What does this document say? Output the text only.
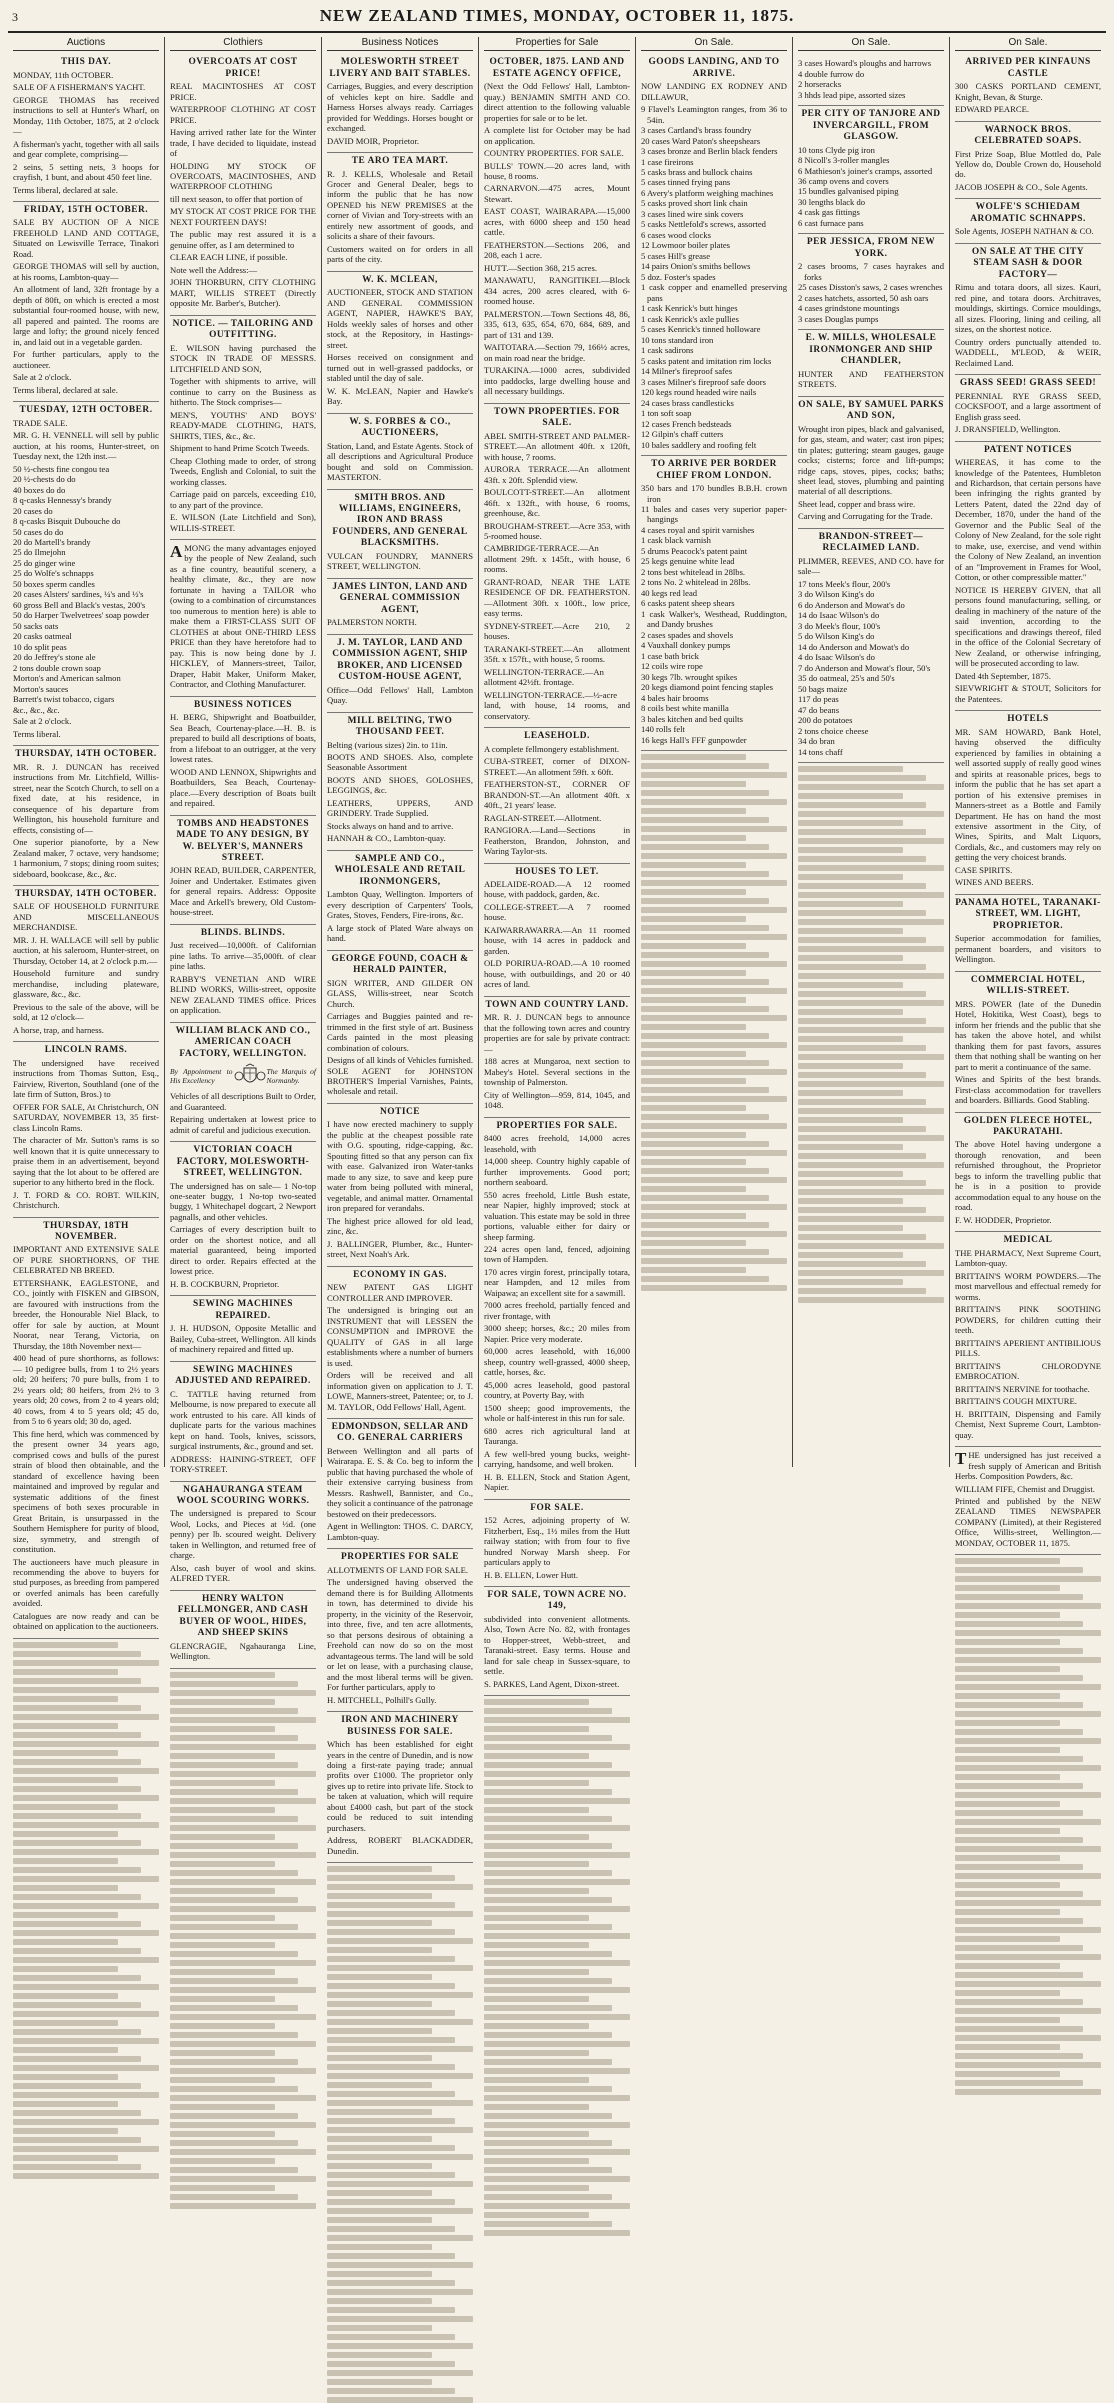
3	NEW ZEALAND TIMES, MONDAY, OCTOBER 11, 1875.
Auctions
THIS DAY.

MONDAY, 11th OCTOBER.

SALE OF A FISHERMAN'S YACHT.

GEORGE THOMAS has received instructions to sell at Hunter's Wharf, on Monday, 11th October, 1875, at 2 o'clock—

A fisherman's yacht, together with all sails and gear complete, comprising—

2 seins, 5 setting nets, 3 hoops for crayfish, 1 bunt, and about 450 feet line.

Terms liberal, declared at sale.

FRIDAY, 15TH OCTOBER.

SALE BY AUCTION OF A NICE FREEHOLD LAND AND COTTAGE, Situated on Lewisville Terrace, Tinakori Road.

GEORGE THOMAS will sell by auction, at his rooms, Lambton-quay—

An allotment of land, 32ft frontage by a depth of 80ft, on which is erected a most substantial four-roomed house, with new, all papered and painted. The rooms are large and lofty; the ground nicely fenced in, and laid out in a vegetable garden.

For further particulars, apply to the auctioneer.

Sale at 2 o'clock.

Terms liberal, declared at sale.

TUESDAY, 12TH OCTOBER.

TRADE SALE.

MR. G. H. VENNELL will sell by public auction, at his rooms, Hunter-street, on Tuesday next, the 12th inst.—

50 ½-chests fine congou tea
20 ½-chests do do
40 boxes do do
8 q-casks Hennessy's brandy
20 cases do
8 q-casks Bisquit Dubouche do
50 cases do do
20 do Martell's brandy
25 do Ilmejohn
25 do ginger wine
25 do Wolfe's schnapps
50 boxes sperm candles
20 cases Alsters' sardines, ¼'s and ½'s
60 gross Bell and Black's vestas, 200's
50 do Harper Twelvetrees' soap powder
50 sacks oats
20 casks oatmeal
10 do split peas
20 do Jeffrey's stone ale
2 tons double crown soap
Morton's and American salmon
Morton's sauces
Barrett's twist tobacco, cigars
&c., &c., &c.

Sale at 2 o'clock.

Terms liberal.

THURSDAY, 14TH OCTOBER.

MR. R. J. DUNCAN has received instructions from Mr. Litchfield, Willis-street, near the Scotch Church, to sell on a fixed date, at his residence, in consequence of his departure from Wellington, his household furniture and effects, consisting of—

One superior pianoforte, by a New Zealand maker, 7 octave, very handsome; 1 harmonium, 7 stops; dining room suites; sideboard, bookcase, &c., &c.

THURSDAY, 14TH OCTOBER.

SALE OF HOUSEHOLD FURNITURE AND MISCELLANEOUS MERCHANDISE.

MR. J. H. WALLACE will sell by public auction, at his saleroom, Hunter-street, on Thursday, October 14, at 2 o'clock p.m.—

Household furniture and sundry merchandise, including plateware, glassware, &c., &c.

Previous to the sale of the above, will be sold, at 12 o'clock—

A horse, trap, and harness.

LINCOLN RAMS.

The undersigned have received instructions from Thomas Sutton, Esq., Fairview, Riverton, Southland (one of the late firm of Sutton, Bros.) to

OFFER FOR SALE, At Christchurch, ON SATURDAY, NOVEMBER 13, 35 first-class Lincoln Rams.

The character of Mr. Sutton's rams is so well known that it is quite unnecessary to praise them in an advertisement, beyond saying that the lot about to be offered are superior to any hitherto bred in the flock.

J. T. FORD & CO. ROBT. WILKIN, Christchurch.

THURSDAY, 18TH NOVEMBER.

IMPORTANT AND EXTENSIVE SALE OF PURE SHORTHORNS, OF THE CELEBRATED NB BREED.

ETTERSHANK, EAGLESTONE, and CO., jointly with FISKEN and GIBSON, are favoured with instructions from the breeder, the Honourable Niel Black, to offer for sale by auction, at Mount Noorat, near Terang, Victoria, on Thursday, the 18th November next—

400 head of pure shorthorns, as follows:— 10 pedigree bulls, from 1 to 2½ years old; 20 heifers; 70 pure bulls, from 1 to 2½ years old; 80 heifers, from 2½ to 3 years old; 20 cows, from 2 to 4 years old; 40 cows, from 4 to 5 years old; 45 do, from 5 to 6 years old; 30 do, aged.

This fine herd, which was commenced by the present owner 34 years ago, comprised cows and bulls of the purest strain of blood then obtainable, and the standard of excellence having been maintained and improved by regular and systematic additions of the finest specimens of both sexes procurable in Great Britain, is unsurpassed in the Southern Hemisphere for purity of blood, size, symmetry, and strength of constitution.

The auctioneers have much pleasure in recommending the above to buyers for stud purposes, as breeding from pampered or overfed animals has been carefully avoided.

Catalogues are now ready and can be obtained on application to the auctioneers.

Clothiers
OVERCOATS AT COST PRICE!

REAL MACINTOSHES AT COST PRICE.

WATERPROOF CLOTHING AT COST PRICE.

Having arrived rather late for the Winter trade, I have decided to liquidate, instead of

HOLDING MY STOCK OF OVERCOATS, MACINTOSHES, AND WATERPROOF CLOTHING

till next season, to offer that portion of

MY STOCK AT COST PRICE FOR THE NEXT FOURTEEN DAYS!

The public may rest assured it is a genuine offer, as I am determined to

CLEAR EACH LINE, if possible.

Note well the Address:—

JOHN THORBURN, CITY CLOTHING MART, WILLIS STREET (Directly opposite Mr. Barber's, Butcher).

NOTICE. — TAILORING AND OUTFITTING.

E. WILSON having purchased the STOCK IN TRADE OF MESSRS. LITCHFIELD AND SON,

Together with shipments to arrive, will continue to carry on the Business as hitherto. The Stock comprises—

MEN'S, YOUTHS' AND BOYS' READY-MADE CLOTHING, HATS, SHIRTS, TIES, &c., &c.

Shipment to hand Prime Scotch Tweeds.

Cheap Clothing made to order, of strong Tweeds, English and Colonial, to suit the working classes.

Carriage paid on parcels, exceeding £10, to any part of the province.

E. WILSON (Late Litchfield and Son), WILLIS-STREET.

AMONG the many advantages enjoyed by the people of New Zealand, such as a fine country, beautiful scenery, a healthy climate, &c., they are now fortunate in having a TAILOR who (owing to a combination of circumstances too numerous to mention here) is able to make them a FIRST-CLASS SUIT OF CLOTHES at about ONE-THIRD LESS PRICE than they have heretofore had to pay. This is now being done by J. HICKLEY, of Manners-street, Tailor, Draper, Habit Maker, Uniform Maker, Contractor, and Clothing Manufacturer.

BUSINESS NOTICES

H. BERG, Shipwright and Boatbuilder, Sea Beach, Courtenay-place.—H. B. is prepared to build all descriptions of boats, from a lifeboat to an outrigger, at the very lowest rates.

WOOD AND LENNOX, Shipwrights and Boatbuilders, Sea Beach, Courtenay-place.—Every description of Boats built and repaired.

TOMBS AND HEADSTONES MADE TO ANY DESIGN, BY W. BELYER'S, MANNERS STREET.

JOHN READ, BUILDER, CARPENTER, Joiner and Undertaker. Estimates given for general repairs. Address: Opposite Mace and Arkell's brewery, Old Custom-house-street.

BLINDS. BLINDS.

Just received—10,000ft. of Californian pine laths. To arrive—35,000ft. of clear pine laths.

RABBY'S VENETIAN AND WIRE BLIND WORKS, Willis-street, opposite NEW ZEALAND TIMES office. Prices on application.

WILLIAM BLACK AND CO., AMERICAN COACH FACTORY, WELLINGTON.
By Appointment to His Excellency
The Marquis of Normanby.

Vehicles of all descriptions Built to Order, and Guaranteed.

Repairing undertaken at lowest price to admit of careful and judicious execution.

VICTORIAN COACH FACTORY, MOLESWORTH-STREET, WELLINGTON.

The undersigned has on sale— 1 No-top one-seater buggy, 1 No-top two-seated buggy, 1 Whitechapel dogcart, 2 Newport pagnalls, and other vehicles.

Carriages of every description built to order on the shortest notice, and all material guaranteed, being imported direct to order. Repairs effected at the lowest price.

H. B. COCKBURN, Proprietor.

SEWING MACHINES REPAIRED.

J. H. HUDSON, Opposite Metallic and Bailey, Cuba-street, Wellington. All kinds of machinery repaired and fitted up.

SEWING MACHINES ADJUSTED AND REPAIRED.

C. TATTLE having returned from Melbourne, is now prepared to execute all work entrusted to his care. All kinds of duplicate parts for the various machines kept on hand. Tools, knives, scissors, surgical instruments, &c., ground and set.

ADDRESS: HAINING-STREET, OFF TORY-STREET.

NGAHAURANGA STEAM WOOL SCOURING WORKS.

The undersigned is prepared to Scour Wool, Locks, and Pieces at ½d. (one penny) per lb. scoured weight. Delivery taken in Wellington, and returned free of charge.

Also, cash buyer of wool and skins. ALFRED TYER.

HENRY WALTON FELLMONGER, AND CASH BUYER OF WOOL, HIDES, AND SHEEP SKINS

GLENCRAGIE, Ngahauranga Line, Wellington.

Business Notices
MOLESWORTH STREET LIVERY AND BAIT STABLES.

Carriages, Buggies, and every description of vehicles kept on hire. Saddle and Harness Horses always ready. Carriages provided for Weddings. Horses bought or exchanged.

DAVID MOIR, Proprietor.

TE ARO TEA MART.

R. J. KELLS, Wholesale and Retail Grocer and General Dealer, begs to inform the public that he has now OPENED his NEW PREMISES at the corner of Vivian and Tory-streets with an entirely new assortment of goods, and solicits a share of their favours.

Customers waited on for orders in all parts of the city.

W. K. MCLEAN,

AUCTIONEER, STOCK AND STATION AND GENERAL COMMISSION AGENT, NAPIER, HAWKE'S BAY, Holds weekly sales of horses and other stock, at the Repository, in Hastings-street.

Horses received on consignment and turned out in well-grassed paddocks, or stabled until the day of sale.

W. K. McLEAN, Napier and Hawke's Bay.

W. S. FORBES & CO., AUCTIONEERS,

Station, Land, and Estate Agents. Stock of all descriptions and Agricultural Produce bought and sold on Commission. MASTERTON.

SMITH BROS. AND WILLIAMS, ENGINEERS, IRON AND BRASS FOUNDERS, AND GENERAL BLACKSMITHS.

VULCAN FOUNDRY, MANNERS STREET, WELLINGTON.

JAMES LINTON, LAND AND GENERAL COMMISSION AGENT,

PALMERSTON NORTH.

J. M. TAYLOR, LAND AND COMMISSION AGENT, SHIP BROKER, AND LICENSED CUSTOM-HOUSE AGENT,

Office—Odd Fellows' Hall, Lambton Quay.

MILL BELTING, TWO THOUSAND FEET.

Belting (various sizes) 2in. to 11in.

BOOTS AND SHOES. Also, complete Seasonable Assortment

BOOTS AND SHOES, GOLOSHES, LEGGINGS, &c.

LEATHERS, UPPERS, AND GRINDERY. Trade Supplied.

Stocks always on hand and to arrive.

HANNAH & CO., Lambton-quay.

SAMPLE AND CO., WHOLESALE AND RETAIL IRONMONGERS,

Lambton Quay, Wellington. Importers of every description of Carpenters' Tools, Grates, Stoves, Fenders, Fire-irons, &c.

A large stock of Plated Ware always on hand.

GEORGE FOUND, COACH & HERALD PAINTER,

SIGN WRITER, AND GILDER ON GLASS, Willis-street, near Scotch Church.

Carriages and Buggies painted and re-trimmed in the first style of art. Business Cards painted in the most pleasing combination of colours.

Designs of all kinds of Vehicles furnished. SOLE AGENT for JOHNSTON BROTHER'S Imperial Varnishes, Paints, wholesale and retail.

NOTICE

I have now erected machinery to supply the public at the cheapest possible rate with O.G. spouting, ridge-capping, &c. Spouting fitted so that any person can fix with ease. Galvanized iron Water-tanks made to any size, to save and keep pure water from being polluted with mineral, vegetable, and animal matter. Ornamental iron prepared for verandahs.

The highest price allowed for old lead, zinc, &c.

J. BALLINGER, Plumber, &c., Hunter-street, Next Noah's Ark.

ECONOMY IN GAS.

NEW PATENT GAS LIGHT CONTROLLER AND IMPROVER.

The undersigned is bringing out an INSTRUMENT that will LESSEN the CONSUMPTION and IMPROVE the QUALITY of GAS in all large establishments where a number of burners is used.

Orders will be received and all information given on application to J. T. LOWE, Manners-street, Patentee; or, to J. M. TAYLOR, Odd Fellows' Hall, Agent.

EDMONDSON, SELLAR AND CO. GENERAL CARRIERS

Between Wellington and all parts of Wairarapa. E. S. & Co. beg to inform the public that having purchased the whole of their extensive carrying business from Messrs. Rashwell, Bannister, and Co., they solicit a continuance of the patronage bestowed on their predecessors.

Agent in Wellington: THOS. C. DARCY, Lambton-quay.

PROPERTIES FOR SALE

ALLOTMENTS OF LAND FOR SALE.

The undersigned having observed the demand there is for Building Allotments in town, has determined to divide his property, in the vicinity of the Reservoir, into three, five, and ten acre allotments, so that persons desirous of obtaining a Freehold can now do so on the most advantageous terms. The land will be sold or let on lease, with a purchasing clause, and the most liberal terms will be given. For further particulars, apply to

H. MITCHELL, Polhill's Gully.

IRON AND MACHINERY BUSINESS FOR SALE.

Which has been established for eight years in the centre of Dunedin, and is now doing a first-rate paying trade; annual profits over £1000. The proprietor only gives up to retire into private life. Stock to be taken at valuation, which will require about £4000 cash, but part of the stock could be reduced to suit intending purchasers.

Address, ROBERT BLACKADDER, Dunedin.

Properties for Sale
OCTOBER, 1875. LAND AND ESTATE AGENCY OFFICE,

(Next the Odd Fellows' Hall, Lambton-quay.) BENJAMIN SMITH AND CO. direct attention to the following valuable properties for sale or to be let.

A complete list for October may be had on application.

COUNTRY PROPERTIES. FOR SALE.

BULLS' TOWN.—20 acres land, with house, 8 rooms.

CARNARVON.—475 acres, Mount Stewart.

EAST COAST, WAIRARAPA.—15,000 acres, with 6000 sheep and 150 head cattle.

FEATHERSTON.—Sections 206, and 208, each 1 acre.

HUTT.—Section 368, 215 acres.

MANAWATU, RANGITIKEI.—Block 434 acres, 200 acres cleared, with 6-roomed house.

PALMERSTON.—Town Sections 48, 86, 335, 613, 635, 654, 670, 684, 689, and part of 131 and 139.

WAITOTARA.—Section 79, 166½ acres, on main road near the bridge.

TURAKINA.—1000 acres, subdivided into paddocks, large dwelling house and all necessary buildings.

TOWN PROPERTIES. FOR SALE.

ABEL SMITH-STREET AND PALMER-STREET.—An allotment 40ft. x 120ft, with house, 7 rooms.

AURORA TERRACE.—An allotment 43ft. x 20ft. Splendid view.

BOULCOTT-STREET.—An allotment 46ft. x 132ft., with house, 6 rooms, greenhouse, &c.

BROUGHAM-STREET.—Acre 353, with 5-roomed house.

CAMBRIDGE-TERRACE.—An allotment 29ft. x 145ft., with house, 6 rooms.

GRANT-ROAD, NEAR THE LATE RESIDENCE OF DR. FEATHERSTON.—Allotment 30ft. x 100ft., low price, easy terms.

SYDNEY-STREET.—Acre 210, 2 houses.

TARANAKI-STREET.—An allotment 35ft. x 157ft., with house, 5 rooms.

WELLINGTON-TERRACE.—An allotment 42½ft. frontage.

WELLINGTON-TERRACE.—½-acre land, with house, 14 rooms, and conservatory.

LEASEHOLD.

A complete fellmongery establishment.

CUBA-STREET, corner of DIXON-STREET.—An allotment 59ft. x 60ft.

FEATHERSTON-ST., CORNER OF BRANDON-ST.—An allotment 40ft. x 40ft., 21 years' lease.

RAGLAN-STREET.—Allotment.

RANGIORA.—Land—Sections in Featherston, Brandon, Johnston, and Waring Taylor-sts.

HOUSES TO LET.

ADELAIDE-ROAD.—A 12 roomed house, with paddock, garden, &c.

COLLEGE-STREET.—A 7 roomed house.

KAIWARRAWARRA.—An 11 roomed house, with 14 acres in paddock and garden.

OLD PORIRUA-ROAD.—A 10 roomed house, with outbuildings, and 20 or 40 acres of land.

TOWN AND COUNTRY LAND.

MR. R. J. DUNCAN begs to announce that the following town acres and country properties are for sale by private contract:—

188 acres at Mungaroa, next section to Mabey's Hotel. Several sections in the township of Palmerston.

City of Wellington—959, 814, 1045, and 1048.

PROPERTIES FOR SALE.

8400 acres freehold, 14,000 acres leasehold, with

14,000 sheep. Country highly capable of further improvements. Good port; northern seaboard.

550 acres freehold, Little Bush estate, near Napier, highly improved; stock at valuation. This estate may be sold in three portions, valuable either for dairy or sheep farming.

224 acres open land, fenced, adjoining town of Hampden.

170 acres virgin forest, principally totara, near Hampden, and 12 miles from Waipawa; an excellent site for a sawmill.

7000 acres freehold, partially fenced and river frontage, with

3000 sheep; horses, &c.; 20 miles from Napier. Price very moderate.

60,000 acres leasehold, with 16,000 sheep, country well-grassed, 4000 sheep, cattle, horses, &c.

45,000 acres leasehold, good pastoral country, at Poverty Bay, with

1500 sheep; good improvements, the whole or half-interest in this run for sale.

680 acres rich agricultural land at Tauranga.

A few well-bred young bucks, weight-carrying, handsome, and well broken.

H. B. ELLEN, Stock and Station Agent, Napier.

FOR SALE.

152 Acres, adjoining property of W. Fitzherbert, Esq., 1½ miles from the Hutt railway station; with from four to five hundred Norway Marsh sheep. For particulars apply to

H. B. ELLEN, Lower Hutt.

FOR SALE, TOWN ACRE NO. 149,

subdivided into convenient allotments. Also, Town Acre No. 82, with frontages to Hopper-street, Webb-street, and Taranaki-street. Easy terms. House and land for sale cheap in Sussex-square, to settle.

S. PARKES, Land Agent, Dixon-street.

On Sale.
GOODS LANDING, AND TO ARRIVE.

NOW LANDING EX RODNEY AND DILLAWUR,

9 Flavel's Leamington ranges, from 36 to 54in.
3 cases Cartland's brass foundry
20 cases Ward Paton's sheepshears
3 cases bronze and Berlin black fenders
1 case fireirons
5 casks brass and bullock chains
5 cases tinned frying pans
6 Avery's platform weighing machines
5 casks proved short link chain
3 cases lined wire sink covers
5 casks Nettlefold's screws, assorted
6 cases wood clocks
12 Lowmoor boiler plates
5 cases Hill's grease
14 pairs Onion's smiths bellows
5 doz. Foster's spades
1 cask copper and enamelled preserving pans
1 cask Kenrick's butt hinges
1 cask Kenrick's axle pullies
5 cases Kenrick's tinned holloware
10 tons standard iron
1 cask sadirons
5 casks patent and imitation rim locks
14 Milner's fireproof safes
3 cases Milner's fireproof safe doors
120 kegs round headed wire nails
24 cases brass candlesticks
1 ton soft soap
12 cases French bedsteads
12 Gilpin's chaff cutters
10 bales saddlery and roofing felt
TO ARRIVE PER BORDER CHIEF FROM LONDON.
350 bars and 170 bundles B.B.H. crown iron
11 bales and cases very superior paper-hangings
4 cases royal and spirit varnishes
1 cask black varnish
5 drums Peacock's patent paint
25 kegs genuine white lead
2 tons best whitelead in 28lbs.
2 tons No. 2 whitelead in 28lbs.
40 kegs red lead
6 casks patent sheep shears
1 cask Walker's, Westhead, Ruddington, and Dandy brushes
2 cases spades and shovels
4 Vauxhall donkey pumps
1 case bath brick
12 coils wire rope
30 kegs 7lb. wrought spikes
20 kegs diamond point fencing staples
4 bales hair brooms
8 coils best white manilla
3 bales kitchen and bed quilts
140 rolls felt
16 kegs Hall's FFF gunpowder
On Sale.
3 cases Howard's ploughs and harrows
4 double furrow do
2 horseracks
3 hhds lead pipe, assorted sizes
PER CITY OF TANJORE AND INVERCARGILL, FROM GLASGOW.
10 tons Clyde pig iron
8 Nicoll's 3-roller mangles
6 Mathieson's joiner's cramps, assorted
36 camp ovens and covers
15 bundles galvanised piping
30 lengths black do
4 cask gas fittings
6 cast furnace pans
PER JESSICA, FROM NEW YORK.
2 cases brooms, 7 cases hayrakes and forks
25 cases Disston's saws, 2 cases wrenches
2 cases hatchets, assorted, 50 ash oars
4 cases grindstone mountings
3 cases Douglas pumps
E. W. MILLS, WHOLESALE IRONMONGER AND SHIP CHANDLER,

HUNTER AND FEATHERSTON STREETS.

ON SALE, BY SAMUEL PARKS AND SON,

Wrought iron pipes, black and galvanised, for gas, steam, and water; cast iron pipes; tin plates; guttering; steam gauges, gauge cocks; cisterns; force and lift-pumps; ridge caps, stoves, pipes, cocks; baths; sheet lead, stoves, plumbing and painting material of all descriptions.

Sheet lead, copper and brass wire.

Carving and Corrugating for the Trade.

BRANDON-STREET—RECLAIMED LAND.

PLIMMER, REEVES, AND CO. have for sale—

17 tons Meek's flour, 200's
3 do Wilson King's do
6 do Anderson and Mowat's do
14 do Isaac Wilson's do
3 do Meek's flour, 100's
5 do Wilson King's do
14 do Anderson and Mowat's do
4 do Isaac Wilson's do
7 do Anderson and Mowat's flour, 50's
35 do oatmeal, 25's and 50's
50 bags maize
117 do peas
47 do beans
200 do potatoes
2 tons choice cheese
34 do bran
14 tons chaff
On Sale.
ARRIVED PER KINFAUNS CASTLE

300 CASKS PORTLAND CEMENT, Knight, Bevan, & Sturge.

EDWARD PEARCE.

WARNOCK BROS. CELEBRATED SOAPS.

First Prize Soap, Blue Mottled do, Pale Yellow do, Double Crown do, Household do.

JACOB JOSEPH & CO., Sole Agents.

WOLFE'S SCHIEDAM AROMATIC SCHNAPPS.

Sole Agents, JOSEPH NATHAN & CO.

ON SALE AT THE CITY STEAM SASH & DOOR FACTORY—

Rimu and totara doors, all sizes. Kauri, red pine, and totara doors. Architraves, mouldings, skirtings. Cornice mouldings, all sizes. Flooring, lining and ceiling, all sizes, on the shortest notice.

Country orders punctually attended to. WADDELL, M'LEOD, & WEIR, Reclaimed Land.

GRASS SEED! GRASS SEED!

PERENNIAL RYE GRASS SEED, COCKSFOOT, and a large assortment of English grass seed.

J. DRANSFIELD, Wellington.

PATENT NOTICES

WHEREAS, it has come to the knowledge of the Patentees, Humbleton and Richardson, that certain persons have been infringing the rights granted by Letters Patent, dated the 22nd day of December, 1870, under the hand of the Governor and the Public Seal of the Colony of New Zealand, for the sole right to make, use, exercise, and vend within the Colony of New Zealand, an invention of an "Improvement in Frames for Wool, Cotton, or other compressible matter."

NOTICE IS HEREBY GIVEN, that all persons found manufacturing, selling, or dealing in machinery of the nature of the said invention, according to the specifications and drawings thereof, filed in the office of the Colonial Secretary of New Zealand, or otherwise infringing, will be prosecuted according to law.

Dated 4th September, 1875.

SIEVWRIGHT & STOUT, Solicitors for the Patentees.

HOTELS

MR. SAM HOWARD, Bank Hotel, having observed the difficulty experienced by families in obtaining a well assorted supply of really good wines and spirits at reasonable prices, begs to inform the public that he has set apart a portion of his extensive premises in Manners-street as a Bottle and Family Department. He has on hand the most extensive assortment in the City, of Wines, Spirits, and Malt Liquors, Cordials, &c., and customers may rely on getting the very choicest brands.

CASE SPIRITS.

WINES AND BEERS.

PANAMA HOTEL, TARANAKI-STREET, WM. LIGHT, PROPRIETOR.

Superior accommodation for families, permanent boarders, and visitors to Wellington.

COMMERCIAL HOTEL, WILLIS-STREET.

MRS. POWER (late of the Dunedin Hotel, Hokitika, West Coast), begs to inform her friends and the public that she has taken the above hotel, and whilst thanking them for past favors, assures them that nothing shall be wanting on her part to merit a continuance of the same.

Wines and Spirits of the best brands. First-class accommodation for travellers and boarders. Billiards. Good Stabling.

GOLDEN FLEECE HOTEL, PAKURATAHI.

The above Hotel having undergone a thorough renovation, and been refurnished throughout, the Proprietor begs to inform the travelling public that he is in a position to provide accommodation equal to any house on the road.

F. W. HODDER, Proprietor.

MEDICAL

THE PHARMACY, Next Supreme Court, Lambton-quay.

BRITTAIN'S WORM POWDERS.—The most marvellous and effectual remedy for worms.

BRITTAIN'S PINK SOOTHING POWDERS, for children cutting their teeth.

BRITTAIN'S APERIENT ANTIBILIOUS PILLS.

BRITTAIN'S CHLORODYNE EMBROCATION.

BRITTAIN'S NERVINE for toothache.

BRITTAIN'S COUGH MIXTURE.

H. BRITTAIN, Dispensing and Family Chemist, Next Supreme Court, Lambton-quay.

THE undersigned has just received a fresh supply of American and British Herbs. Composition Powders, &c.

WILLIAM FIFE, Chemist and Druggist.

Printed and published by the NEW ZEALAND TIMES NEWSPAPER COMPANY (Limited), at their Registered Office, Willis-street, Wellington.—MONDAY, OCTOBER 11, 1875.
